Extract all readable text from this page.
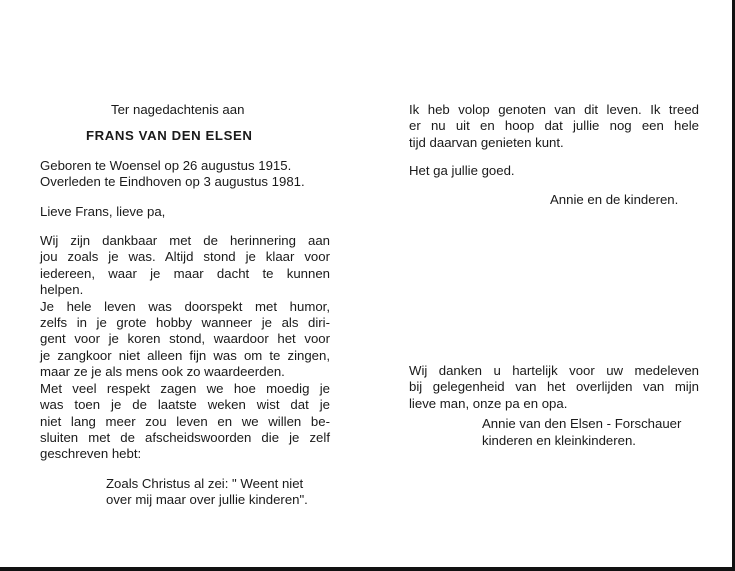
Ter nagedachtenis aan
FRANS VAN DEN ELSEN
Geboren te Woensel op 26 augustus 1915.
Overleden te Eindhoven op 3 augustus 1981.
Lieve Frans, lieve pa,
Wij zijn dankbaar met de herinnering aan
jou zoals je was. Altijd stond je klaar voor
iedereen, waar je maar dacht te kunnen
helpen.
Je hele leven was doorspekt met humor,
zelfs in je grote hobby wanneer je als diri-
gent voor je koren stond, waardoor het voor
je zangkoor niet alleen fijn was om te zingen,
maar ze je als mens ook zo waardeerden.
Met veel respekt zagen we hoe moedig je
was toen je de laatste weken wist dat je
niet lang meer zou leven en we willen be-
sluiten met de afscheidswoorden die je zelf
geschreven hebt:
Zoals Christus al zei: " Weent niet
over mij maar over jullie kinderen".
Ik heb volop genoten van dit leven. Ik treed
er nu uit en hoop dat jullie nog een hele
tijd daarvan genieten kunt.
Het ga jullie goed.
Annie en de kinderen.
Wij danken u hartelijk voor uw medeleven
bij gelegenheid van het overlijden van mijn
lieve man, onze pa en opa.
Annie van den Elsen - Forschauer
kinderen en kleinkinderen.
